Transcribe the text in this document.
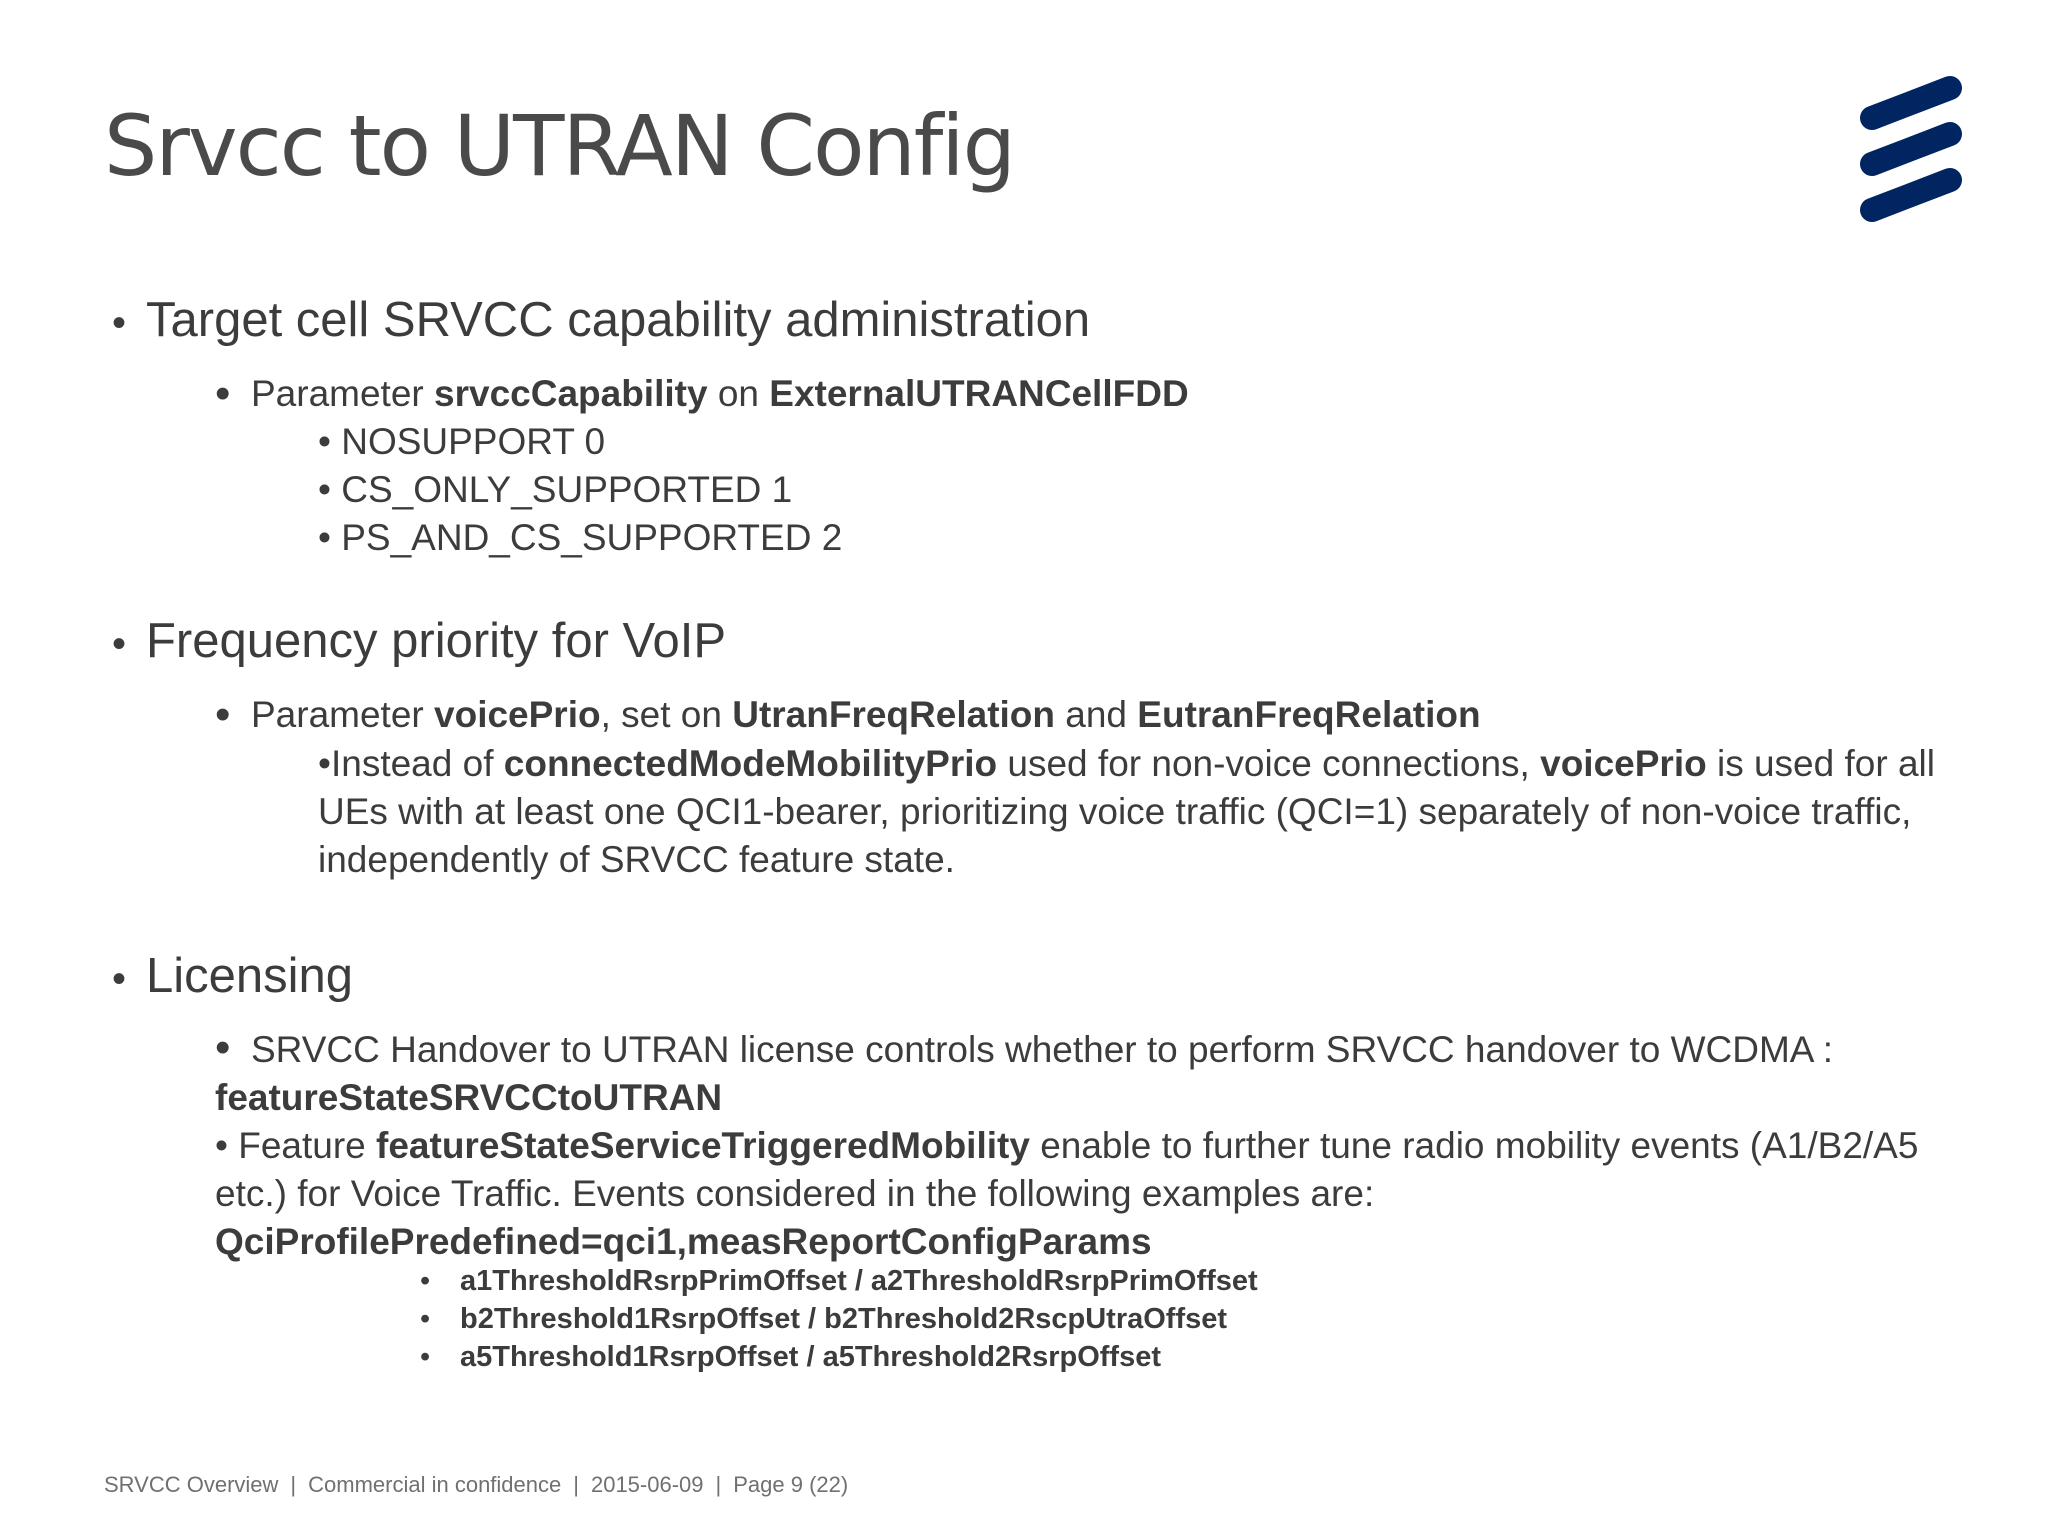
Srvcc to UTRAN Config
• Target cell SRVCC capability administration
• Parameter srvccCapability on ExternalUTRANCellFDD
• NOSUPPORT 0
• CS_ONLY_SUPPORTED 1
• PS_AND_CS_SUPPORTED 2
• Frequency priority for VoIP
• Parameter voicePrio, set on UtranFreqRelation and EutranFreqRelation
•Instead of connectedModeMobilityPrio used for non-voice connections, voicePrio is used for all UEs with at least one QCI1-bearer, prioritizing voice traffic (QCI=1) separately of non-voice traffic, independently of SRVCC feature state.
• Licensing
• SRVCC Handover to UTRAN license controls whether to perform SRVCC handover to WCDMA :
featureStateSRVCCtoUTRAN
• Feature featureStateServiceTriggeredMobility enable to further tune radio mobility events (A1/B2/A5 etc.) for Voice Traffic. Events considered in the following examples are:
QciProfilePredefined=qci1,measReportConfigParams
• a1ThresholdRsrpPrimOffset / a2ThresholdRsrpPrimOffset
• b2Threshold1RsrpOffset / b2Threshold2RscpUtraOffset
• a5Threshold1RsrpOffset / a5Threshold2RsrpOffset
SRVCC Overview | Commercial in confidence | 2015-06-09 | Page 9 (22)
